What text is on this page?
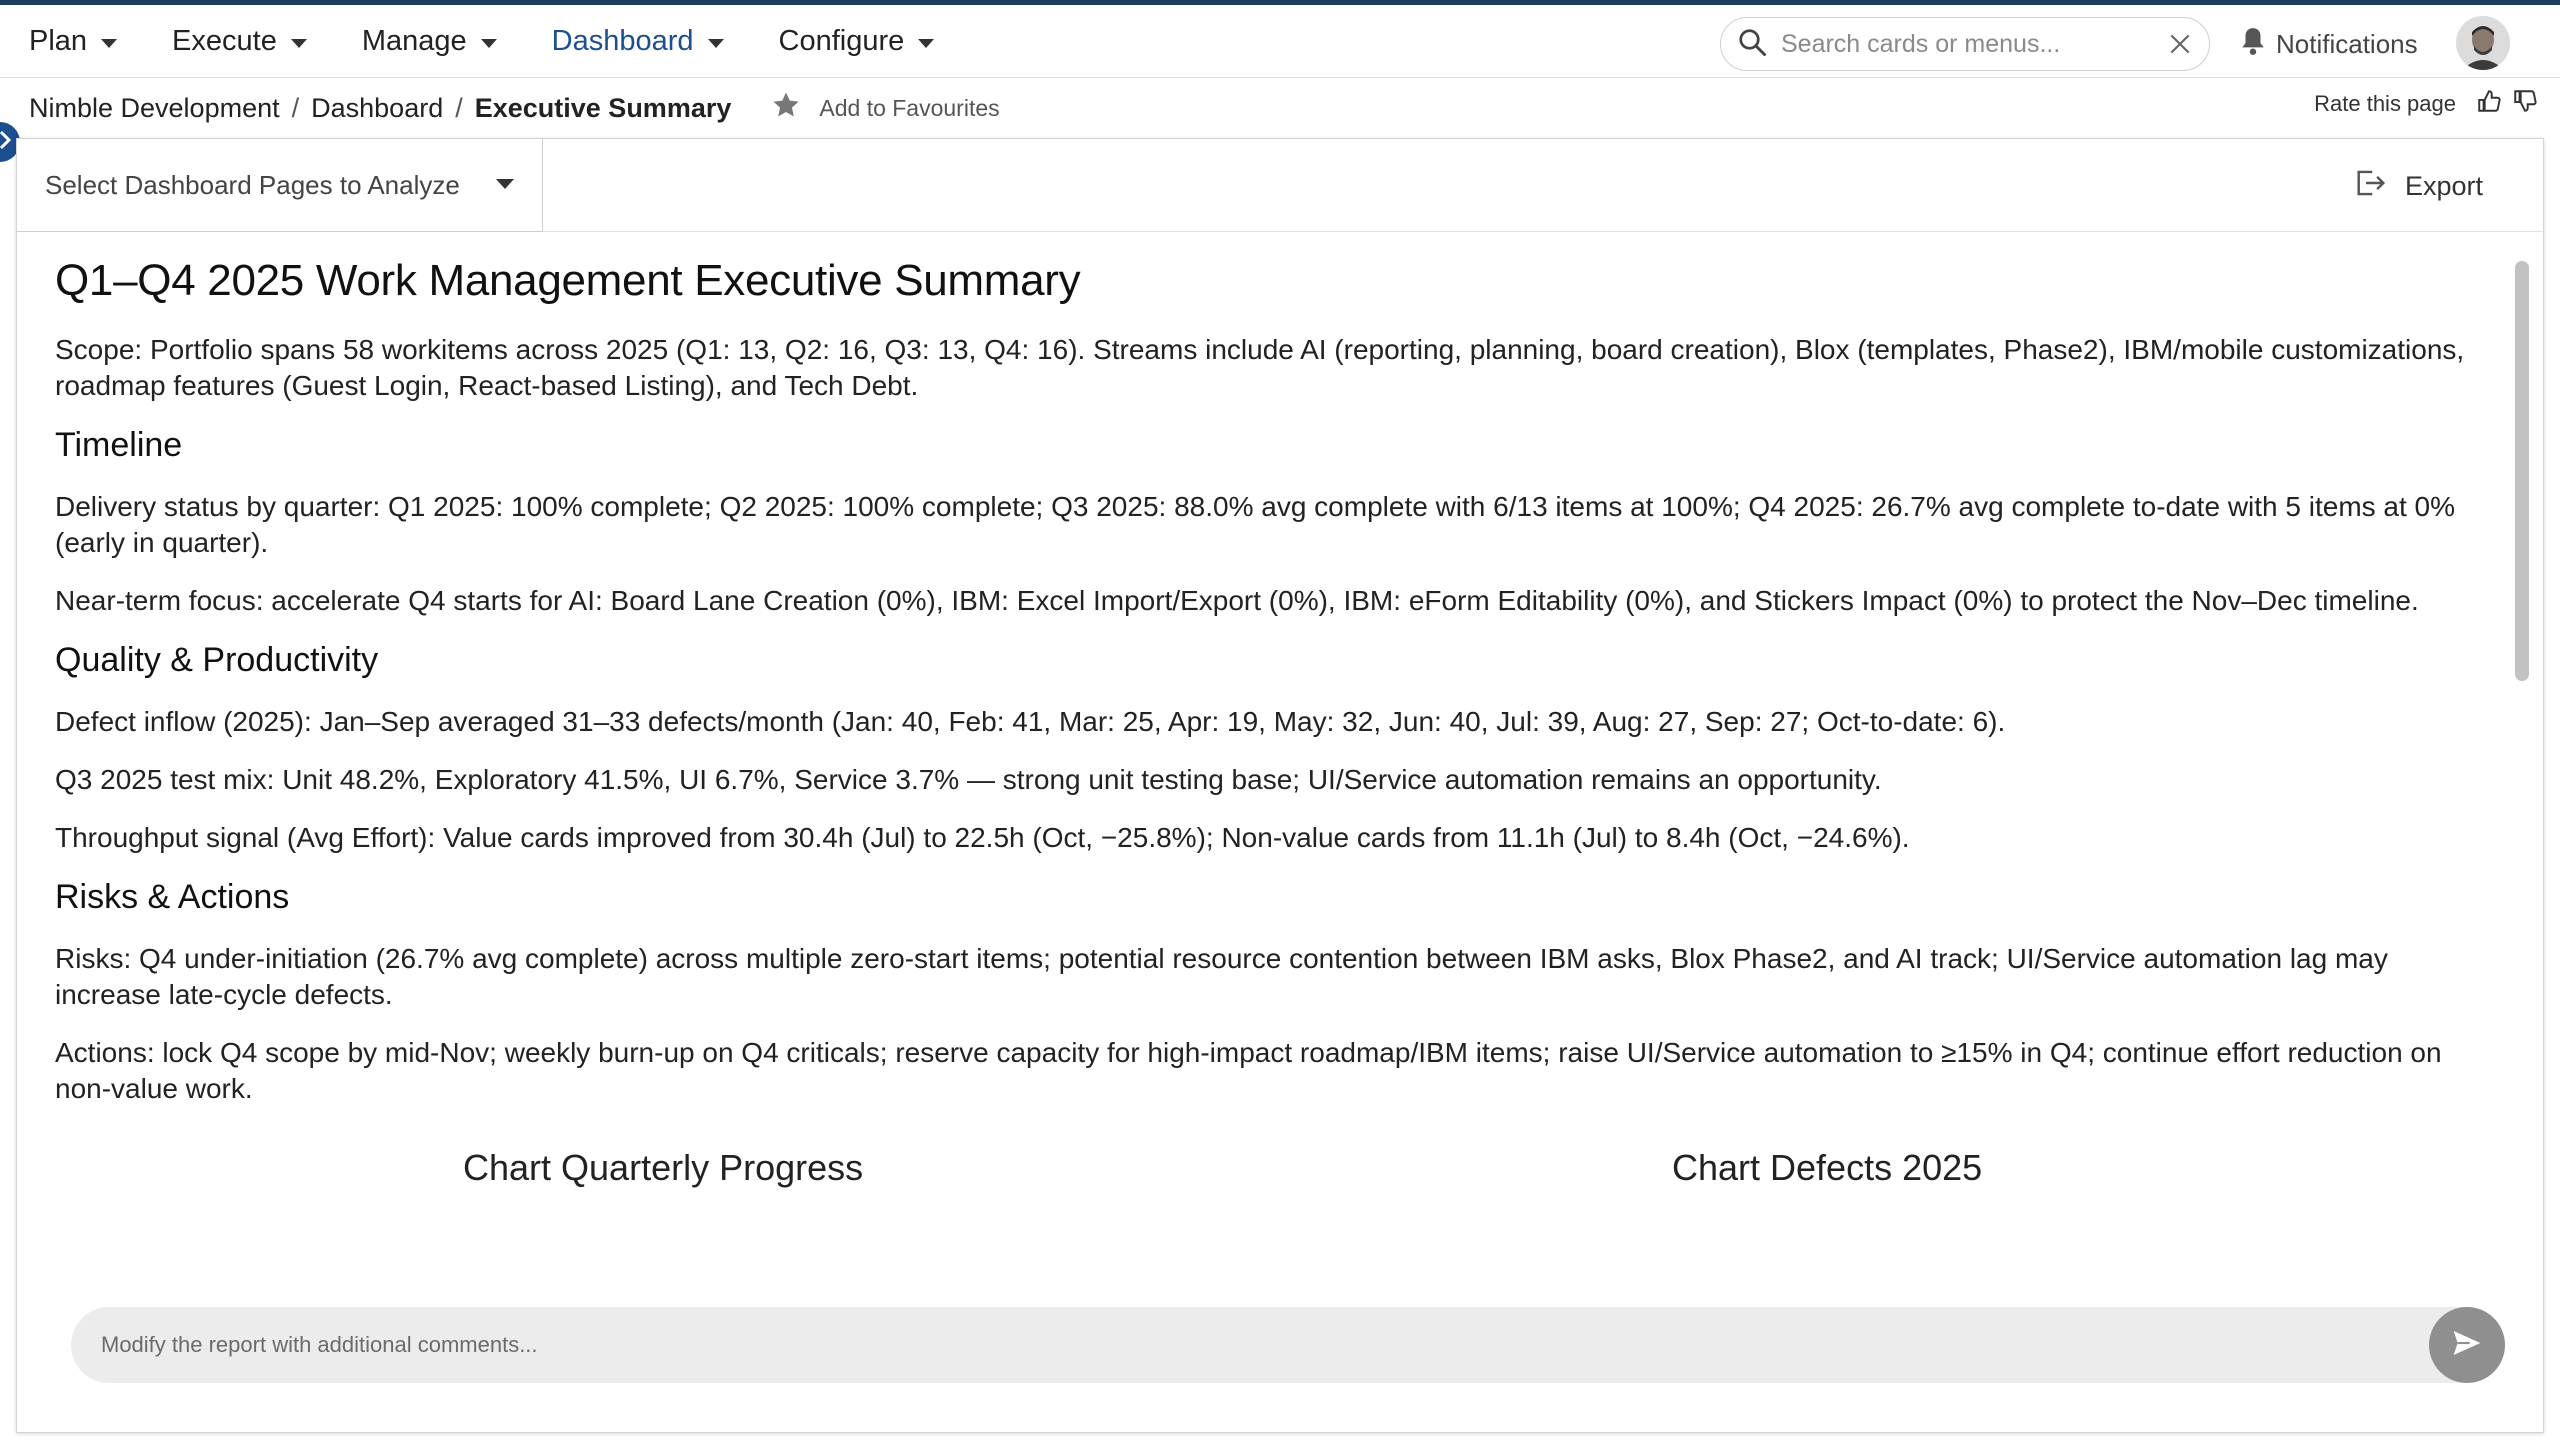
Plan	Execute	Manage	Dashboard	Configure
Search cards or menus...	Notifications
Nimble Development / Dashboard / Executive Summary	Add to Favourites	Rate this page
Select Dashboard Pages to Analyze	Export
Q1–Q4 2025 Work Management Executive Summary

Scope: Portfolio spans 58 workitems across 2025 (Q1: 13, Q2: 16, Q3: 13, Q4: 16). Streams include AI (reporting, planning, board creation), Blox (templates, Phase2), IBM/mobile customizations, roadmap features (Guest Login, React-based Listing), and Tech Debt.

Timeline

Delivery status by quarter: Q1 2025: 100% complete; Q2 2025: 100% complete; Q3 2025: 88.0% avg complete with 6/13 items at 100%; Q4 2025: 26.7% avg complete to-date with 5 items at 0% (early in quarter).

Near-term focus: accelerate Q4 starts for AI: Board Lane Creation (0%), IBM: Excel Import/Export (0%), IBM: eForm Editability (0%), and Stickers Impact (0%) to protect the Nov–Dec timeline.

Quality & Productivity

Defect inflow (2025): Jan–Sep averaged 31–33 defects/month (Jan: 40, Feb: 41, Mar: 25, Apr: 19, May: 32, Jun: 40, Jul: 39, Aug: 27, Sep: 27; Oct-to-date: 6).

Q3 2025 test mix: Unit 48.2%, Exploratory 41.5%, UI 6.7%, Service 3.7% — strong unit testing base; UI/Service automation remains an opportunity.

Throughput signal (Avg Effort): Value cards improved from 30.4h (Jul) to 22.5h (Oct, −25.8%); Non-value cards from 11.1h (Jul) to 8.4h (Oct, −24.6%).

Risks & Actions

Risks: Q4 under-initiation (26.7% avg complete) across multiple zero-start items; potential resource contention between IBM asks, Blox Phase2, and AI track; UI/Service automation lag may increase late-cycle defects.

Actions: lock Q4 scope by mid-Nov; weekly burn-up on Q4 criticals; reserve capacity for high-impact roadmap/IBM items; raise UI/Service automation to ≥15% in Q4; continue effort reduction on non-value work.

Chart Quarterly Progress	Chart Defects 2025
Modify the report with additional comments...
